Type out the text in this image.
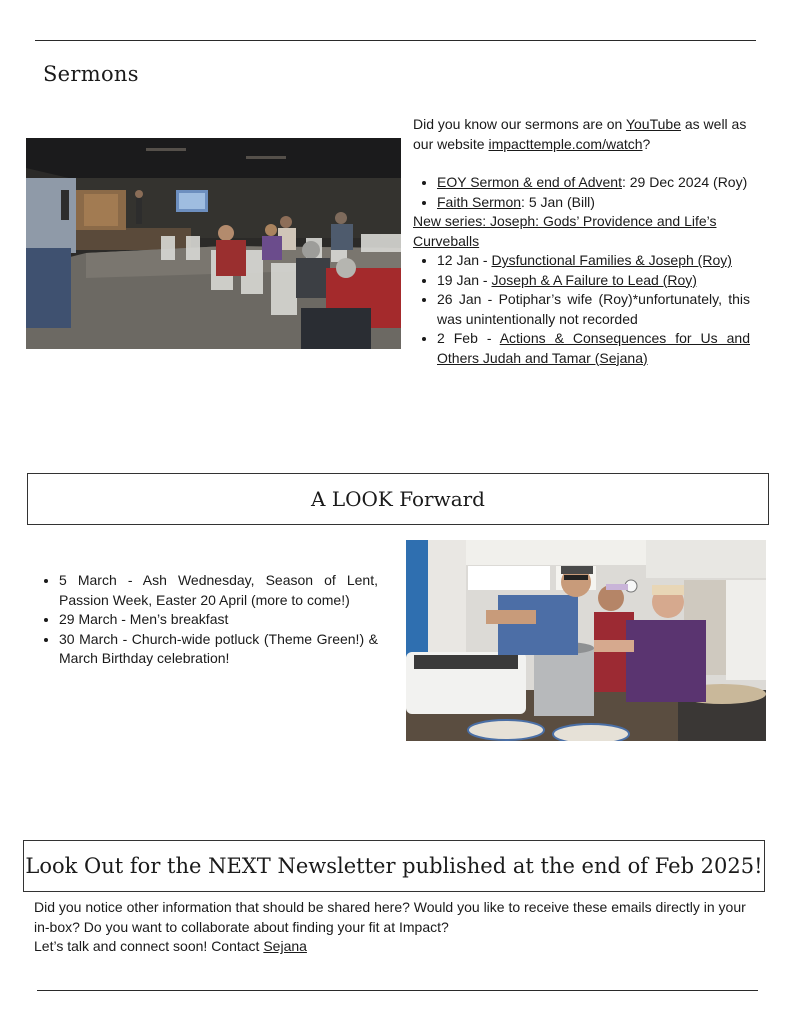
Sermons

Did you know our sermons are on YouTube as well as our website impacttemple.com/watch?

• EOY Sermon & end of Advent: 29 Dec 2024 (Roy)
• Faith Sermon: 5 Jan (Bill)

New series: Joseph: Gods’ Providence and Life’s Curveballs

• 12 Jan - Dysfunctional Families & Joseph (Roy)
• 19 Jan - Joseph & A Failure to Lead (Roy)
• 26 Jan - Potiphar’s wife (Roy)*unfortunately, this was unintentionally not recorded
• 2 Feb - Actions & Consequences for Us and Others Judah and Tamar (Sejana)
A LOOK Forward
• 5 March - Ash Wednesday, Season of Lent, Passion Week, Easter 20 April (more to come!)
• 29 March - Men’s breakfast
• 30 March - Church-wide potluck (Theme Green!) & March Birthday celebration!
Look Out for the NEXT Newsletter published at the end of Feb 2025!

Did you notice other information that should be shared here? Would you like to receive these emails directly in your in-box? Do you want to collaborate about finding your fit at Impact?

Let’s talk and connect soon! Contact Sejana
